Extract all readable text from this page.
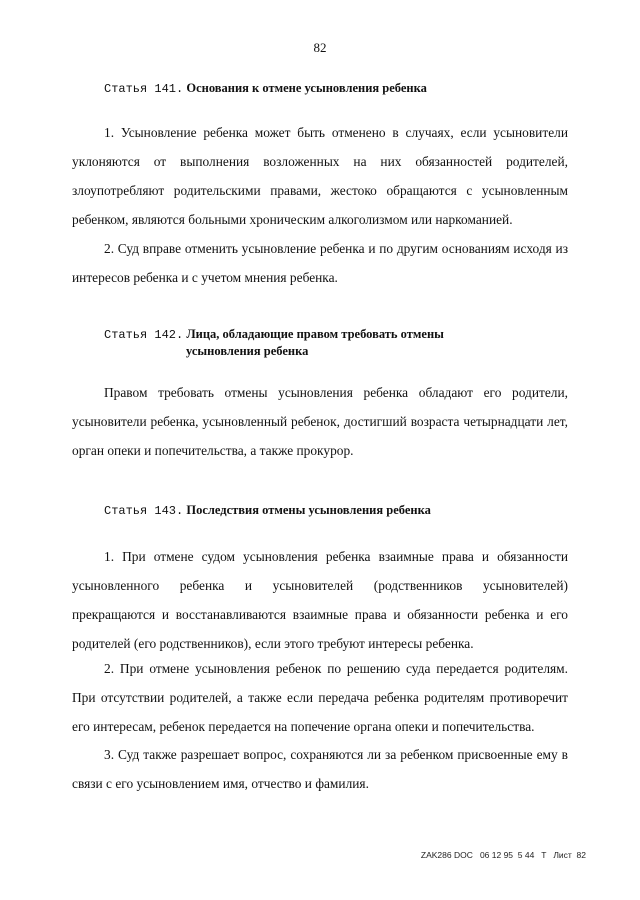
82
Статья 141. Основания к отмене усыновления ребенка

1. Усыновление ребенка может быть отменено в случаях, если усыновители уклоняются от выполнения возложенных на них обязанностей родителей, злоупотребляют родительскими правами, жестоко обращаются с усыновленным ребенком, являются больными хроническим алкоголизмом или наркоманией.

2. Суд вправе отменить усыновление ребенка и по другим основаниям исходя из интересов ребенка и с учетом мнения ребенка.

Статья 142. Лица, обладающие правом требовать отмены
усыновления ребенка

Правом требовать отмены усыновления ребенка обладают его родители, усыновители ребенка, усыновленный ребенок, достигший возраста четырнадцати лет, орган опеки и попечительства, а также прокурор.

Статья 143. Последствия отмены усыновления ребенка

1. При отмене судом усыновления ребенка взаимные права и обязанности усыновленного ребенка и усыновителей (родственников усыновителей) прекращаются и восстанавливаются взаимные права и обязанности ребенка и его родителей (его родственников), если этого требуют интересы ребенка.

2. При отмене усыновления ребенок по решению суда передается родителям. При отсутствии родителей, а также если передача ребенка родителям противоречит его интересам, ребенок передается на попечение органа опеки и попечительства.

3. Суд также разрешает вопрос, сохраняются ли за ребенком присвоенные ему в связи с его усыновлением имя, отчество и фамилия.

ZAK286 DOC   06 12 95  5 44   T   Лист  82
